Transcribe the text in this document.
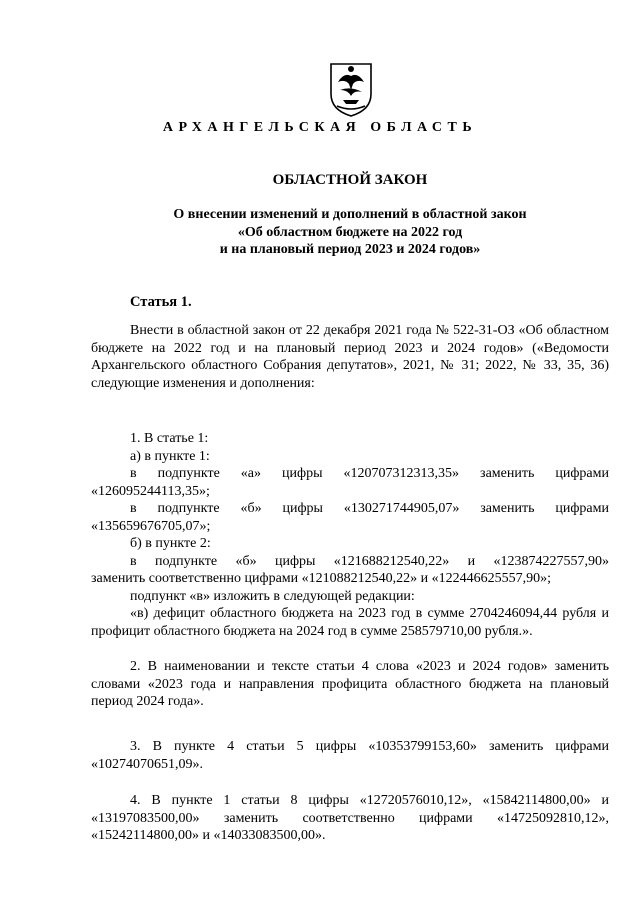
АРХАНГЕЛЬСКАЯ ОБЛАСТЬ
ОБЛАСТНОЙ ЗАКОН
О внесении изменений и дополнений в областной закон
«Об областном бюджете на 2022 год
и на плановый период 2023 и 2024 годов»
Статья 1.
Внести в областной закон от 22 декабря 2021 года № 522-31-ОЗ «Об областном бюджете на 2022 год и на плановый период 2023 и 2024 годов» («Ведомости Архангельского областного Собрания депутатов», 2021, № 31; 2022, № 33, 35, 36) следующие изменения и дополнения:
1. В статье 1:
а) в пункте 1:
в подпункте «а» цифры «120707312313,35» заменить цифрами
«126095244113,35»;
в подпункте «б» цифры «130271744905,07» заменить цифрами
«135659676705,07»;
б) в пункте 2:
в подпункте «б» цифры «121688212540,22» и «123874227557,90»
заменить соответственно цифрами «121088212540,22» и «122446625557,90»;
подпункт «в» изложить в следующей редакции:
«в) дефицит областного бюджета на 2023 год в сумме 2704246094,44 рубля и профицит областного бюджета на 2024 год в сумме 258579710,00 рубля.».
2. В наименовании и тексте статьи 4 слова «2023 и 2024 годов» заменить словами «2023 года и направления профицита областного бюджета на плановый период 2024 года».
3. В пункте 4 статьи 5 цифры «10353799153,60» заменить цифрами «10274070651,09».
4. В пункте 1 статьи 8 цифры «12720576010,12», «15842114800,00» и «13197083500,00» заменить соответственно цифрами «14725092810,12», «15242114800,00» и «14033083500,00».
